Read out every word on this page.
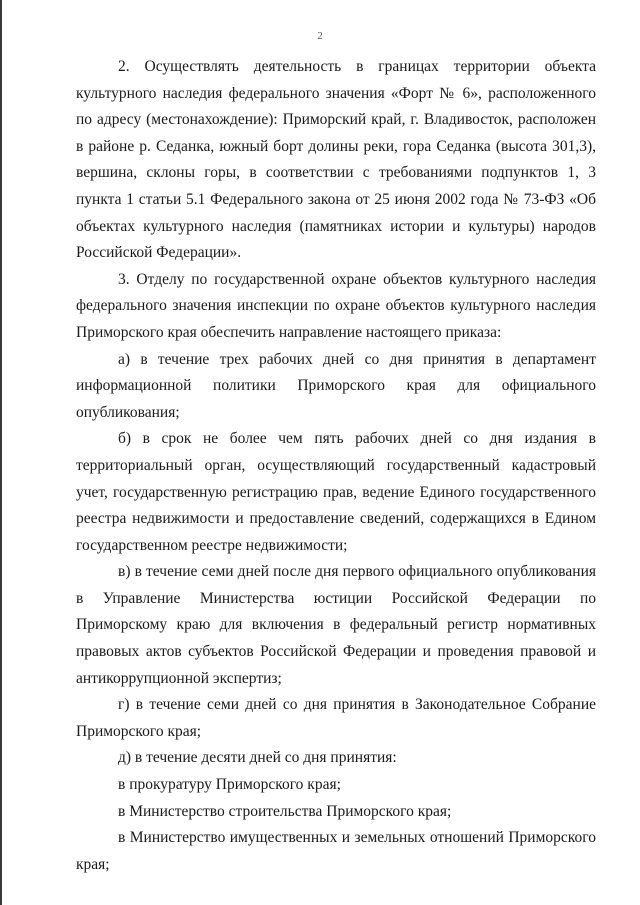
2

2. Осуществлять деятельность в границах территории объекта культурного наследия федерального значения «Форт № 6», расположенного по адресу (местонахождение): Приморский край, г. Владивосток, расположен в районе р. Седанка, южный борт долины реки, гора Седанка (высота 301,3), вершина, склоны горы, в соответствии с требованиями подпунктов 1, 3 пункта 1 статьи 5.1 Федерального закона от 25 июня 2002 года № 73-ФЗ «Об объектах культурного наследия (памятниках истории и культуры) народов Российской Федерации».

3. Отделу по государственной охране объектов культурного наследия федерального значения инспекции по охране объектов культурного наследия Приморского края обеспечить направление настоящего приказа:

а) в течение трех рабочих дней со дня принятия в департамент информационной политики Приморского края для официального опубликования;

б) в срок не более чем пять рабочих дней со дня издания в территориальный орган, осуществляющий государственный кадастровый учет, государственную регистрацию прав, ведение Единого государственного реестра недвижимости и предоставление сведений, содержащихся в Едином государственном реестре недвижимости;

в) в течение семи дней после дня первого официального опубликования в Управление Министерства юстиции Российской Федерации по Приморскому краю для включения в федеральный регистр нормативных правовых актов субъектов Российской Федерации и проведения правовой и антикоррупционной экспертиз;

г) в течение семи дней со дня принятия в Законодательное Собрание Приморского края;

д) в течение десяти дней со дня принятия:

в прокуратуру Приморского края;

в Министерство строительства Приморского края;

в Министерство имущественных и земельных отношений Приморского края;
